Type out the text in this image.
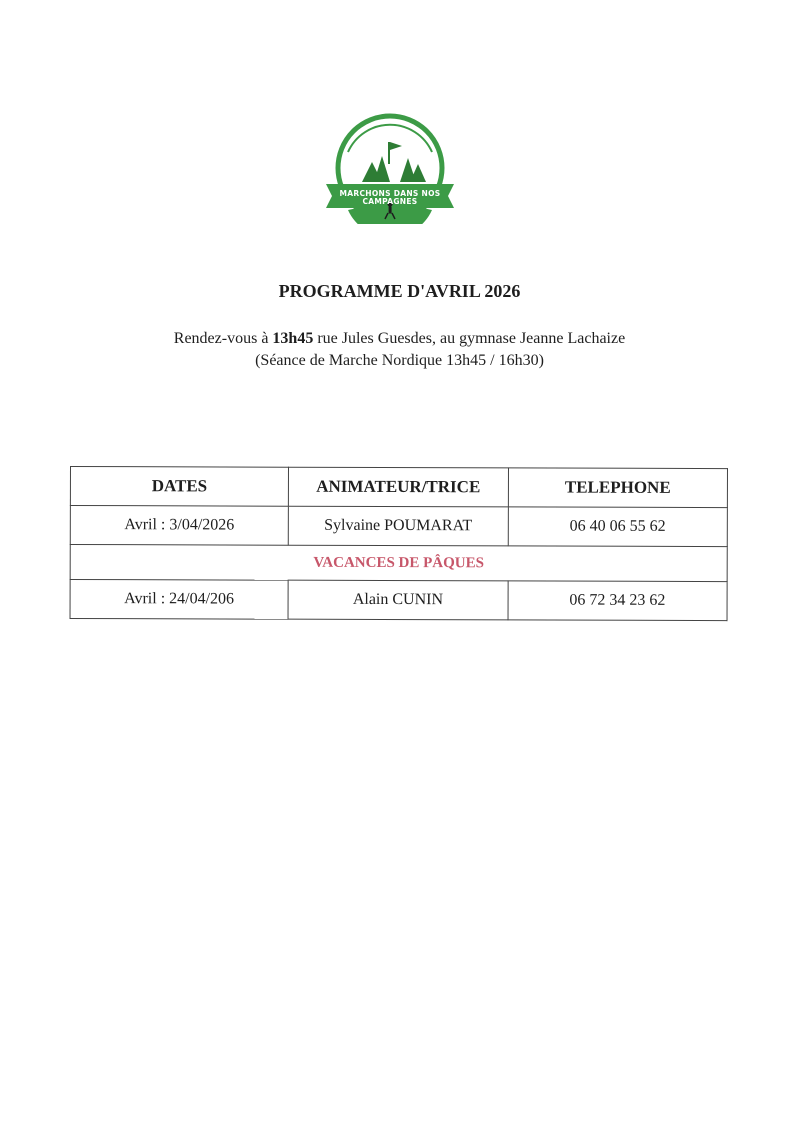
MARCHONS DANS NOS
CAMPAGNES
PROGRAMME D'AVRIL 2026
Rendez-vous à 13h45 rue Jules Guesdes, au gymnase Jeanne Lachaize
(Séance de Marche Nordique 13h45 / 16h30)
DATES	ANIMATEUR/TRICE	TELEPHONE
Avril : 3/04/2026	Sylvaine POUMARAT	06 40 06 55 62
VACANCES DE PÂQUES		
Avril : 24/04/206	Alain CUNIN	06 72 34 23 62
